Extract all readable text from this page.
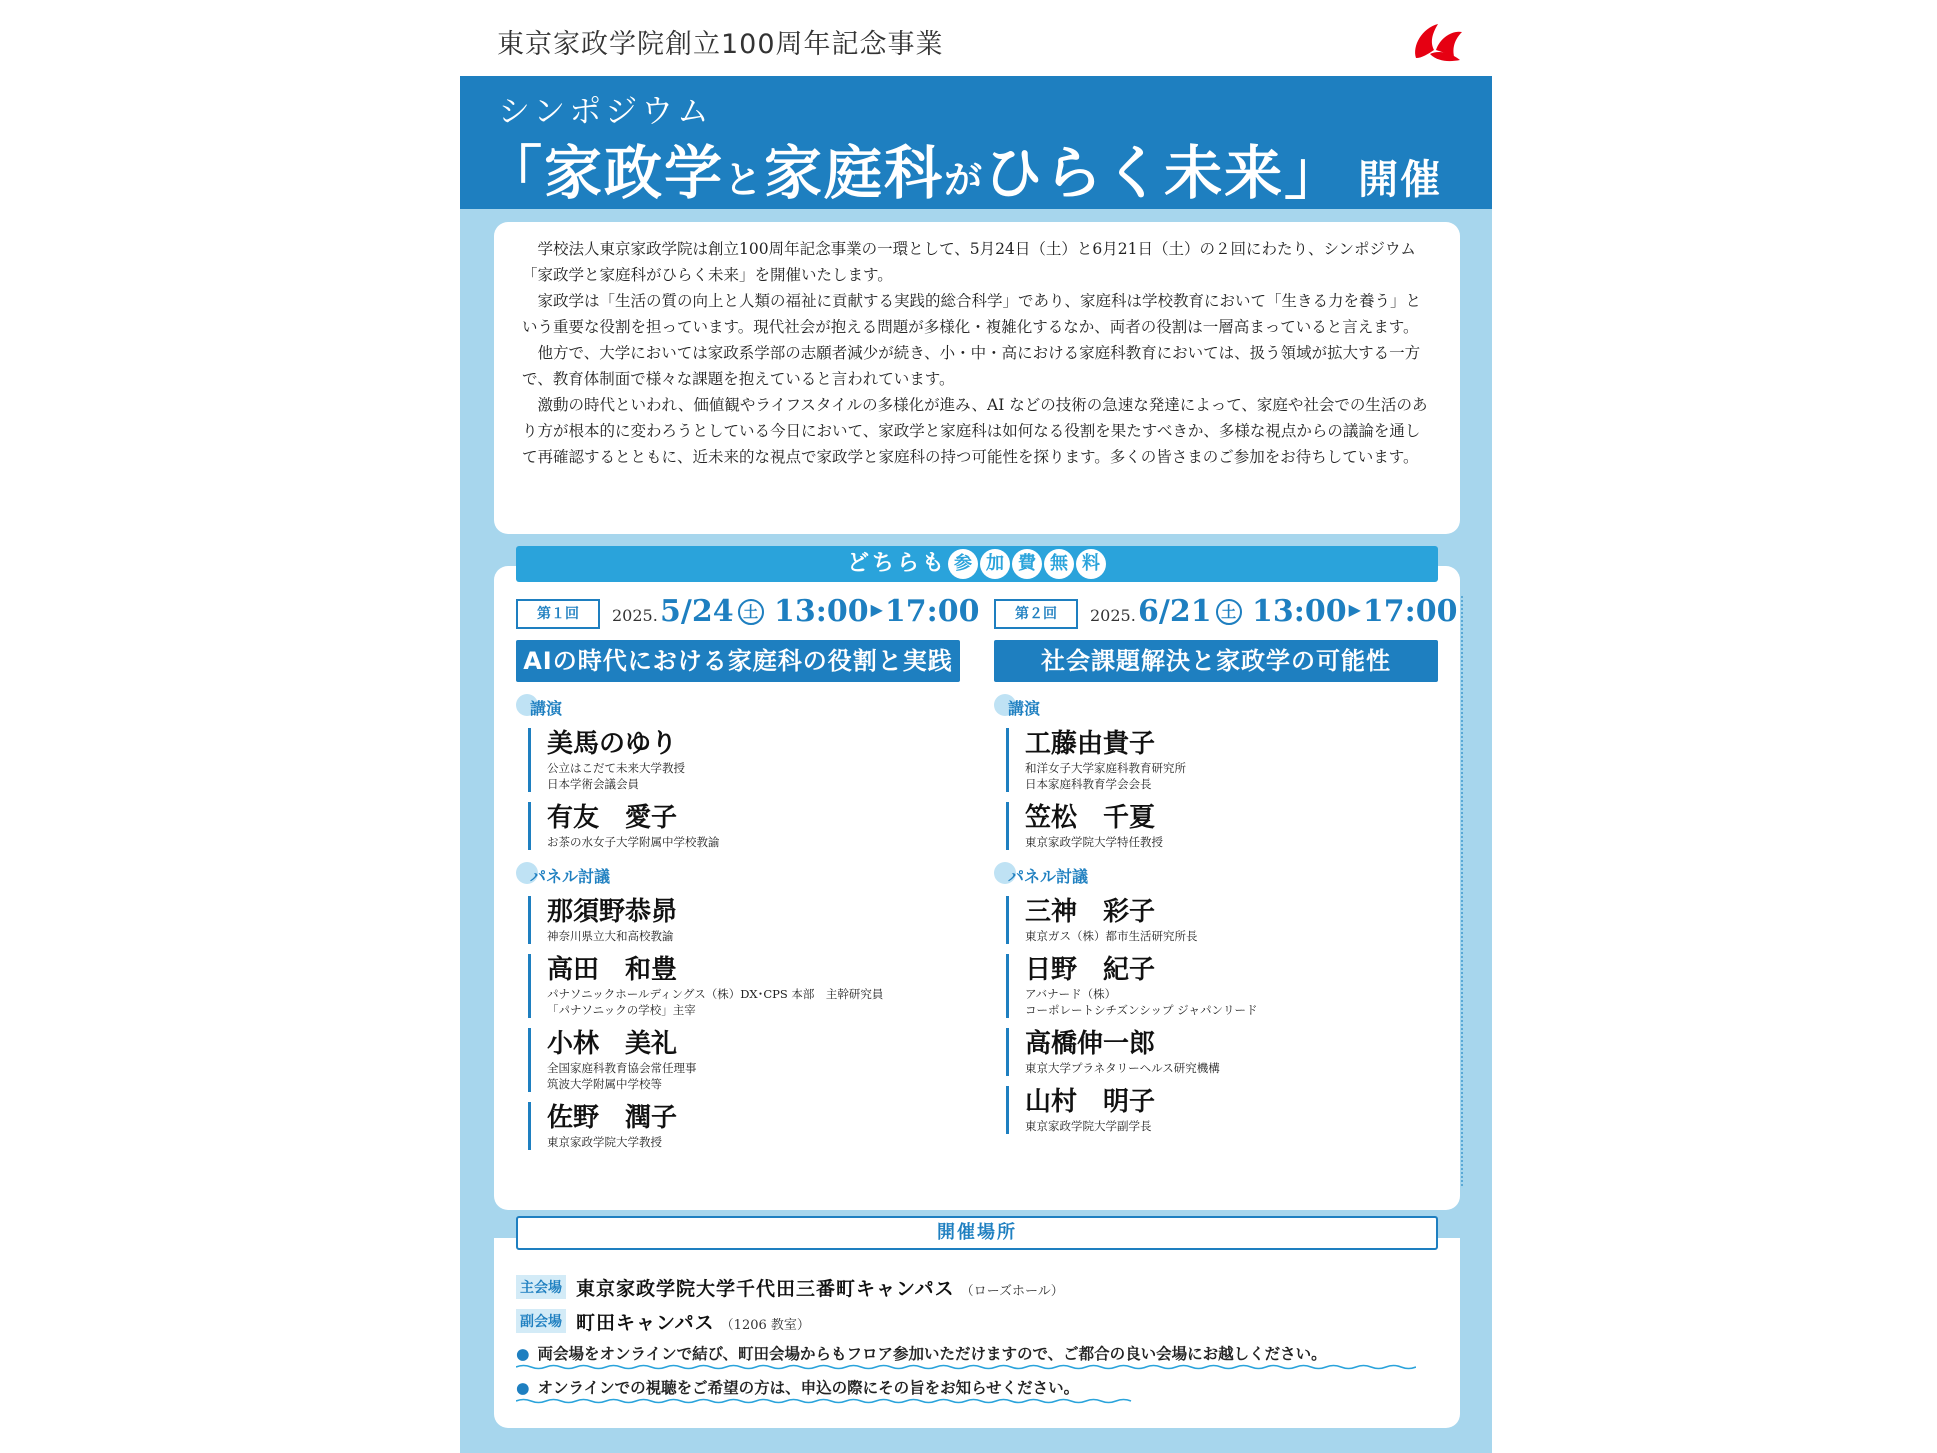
東京家政学院創立100周年記念事業
シンポジウム
「家政学と家庭科がひらく未来」 開催

学校法人東京家政学院は創立100周年記念事業の一環として、5月24日（土）と6月21日（土）の２回にわたり、シンポジウム「家政学と家庭科がひらく未来」を開催いたします。

家政学は「生活の質の向上と人類の福祉に貢献する実践的総合科学」であり、家庭科は学校教育において「生きる力を養う」という重要な役割を担っています。現代社会が抱える問題が多様化・複雑化するなか、両者の役割は一層高まっていると言えます。

他方で、大学においては家政系学部の志願者減少が続き、小・中・高における家庭科教育においては、扱う領域が拡大する一方で、教育体制面で様々な課題を抱えていると言われています。

激動の時代といわれ、価値観やライフスタイルの多様化が進み、AI などの技術の急速な発達によって、家庭や社会での生活のあり方が根本的に変わろうとしている今日において、家政学と家庭科は如何なる役割を果たすべきか、多様な視点からの議論を通して再確認するとともに、近未来的な視点で家政学と家庭科の持つ可能性を探ります。多くの皆さまのご参加をお待ちしています。

第１回	2025. 5/24 土 13:00 ▶17:00
AIの時代における家庭科の役割と実践
講演
美馬のゆり
公立はこだて未来大学教授
日本学術会議会員
有友　愛子
お茶の水女子大学附属中学校教諭
パネル討議
那須野恭昴
神奈川県立大和高校教諭
高田　和豊
パナソニックホールディングス（株）DX･CPS 本部　主幹研究員
「パナソニックの学校」主宰
小林　美礼
全国家庭科教育協会常任理事
筑波大学附属中学校等
佐野　潤子
東京家政学院大学教授
第２回	2025. 6/21 土 13:00 ▶17:00
社会課題解決と家政学の可能性
講演
工藤由貴子
和洋女子大学家庭科教育研究所
日本家庭科教育学会会長
笠松　千夏
東京家政学院大学特任教授
パネル討議
三神　彩子
東京ガス（株）都市生活研究所長
日野　紀子
アバナード（株）
コーポレートシチズンシップ ジャパンリード
高橋伸一郎
東京大学プラネタリーヘルス研究機構
山村　明子
東京家政学院大学副学長
どちらも 参 加 費 無 料
主会場 東京家政学院大学千代田三番町キャンパス （ローズホール）
副会場 町田キャンパス （1206 教室）
● 両会場をオンラインで結び、町田会場からもフロア参加いただけますので、ご都合の良い会場にお越しください。
● オンラインでの視聴をご希望の方は、申込の際にその旨をお知らせください。
開催場所
